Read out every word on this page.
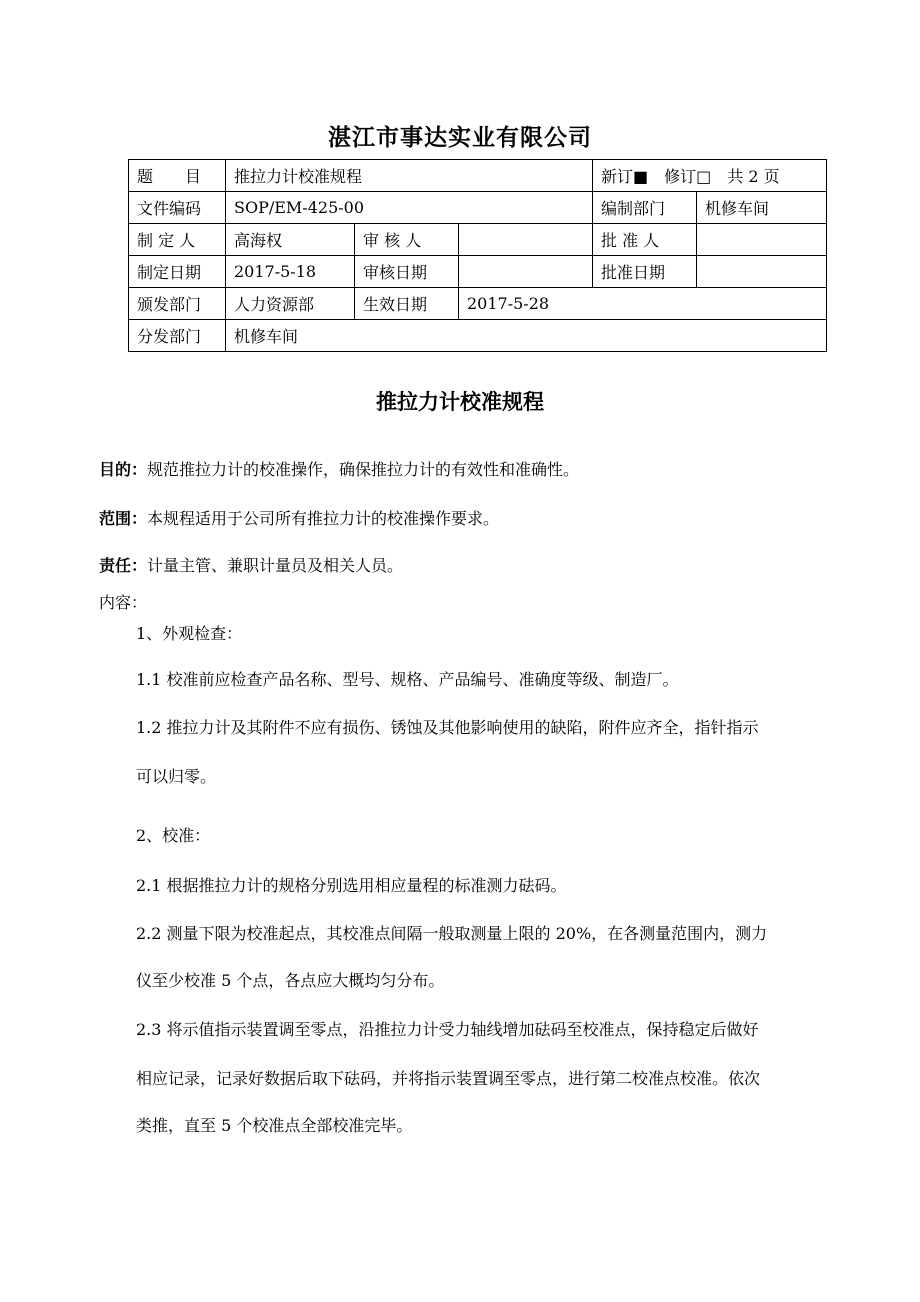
湛江市事达实业有限公司
题　　目	推拉力计校准规程			新订■　修订□　共 2 页	
文件编码	SOP/EM-425-00			编制部门	机修车间
制 定 人	高海权	审 核 人		批 准 人	
制定日期	2017-5-18	审核日期		批准日期	
颁发部门	人力资源部	生效日期	2017-5-28		
分发部门	机修车间				
推拉力计校准规程
目的：规范推拉力计的校准操作，确保推拉力计的有效性和准确性。
范围：本规程适用于公司所有推拉力计的校准操作要求。
责任：计量主管、兼职计量员及相关人员。
内容：
1、外观检查：
1.1 校准前应检查产品名称、型号、规格、产品编号、准确度等级、制造厂。
1.2 推拉力计及其附件不应有损伤、锈蚀及其他影响使用的缺陷，附件应齐全，指针指示
可以归零。
2、校准：
2.1 根据推拉力计的规格分别选用相应量程的标准测力砝码。
2.2 测量下限为校准起点，其校准点间隔一般取测量上限的 20%，在各测量范围内，测力
仪至少校准 5 个点，各点应大概均匀分布。
2.3 将示值指示装置调至零点，沿推拉力计受力轴线增加砝码至校准点，保持稳定后做好
相应记录，记录好数据后取下砝码，并将指示装置调至零点，进行第二校准点校准。依次
类推，直至 5 个校准点全部校准完毕。
